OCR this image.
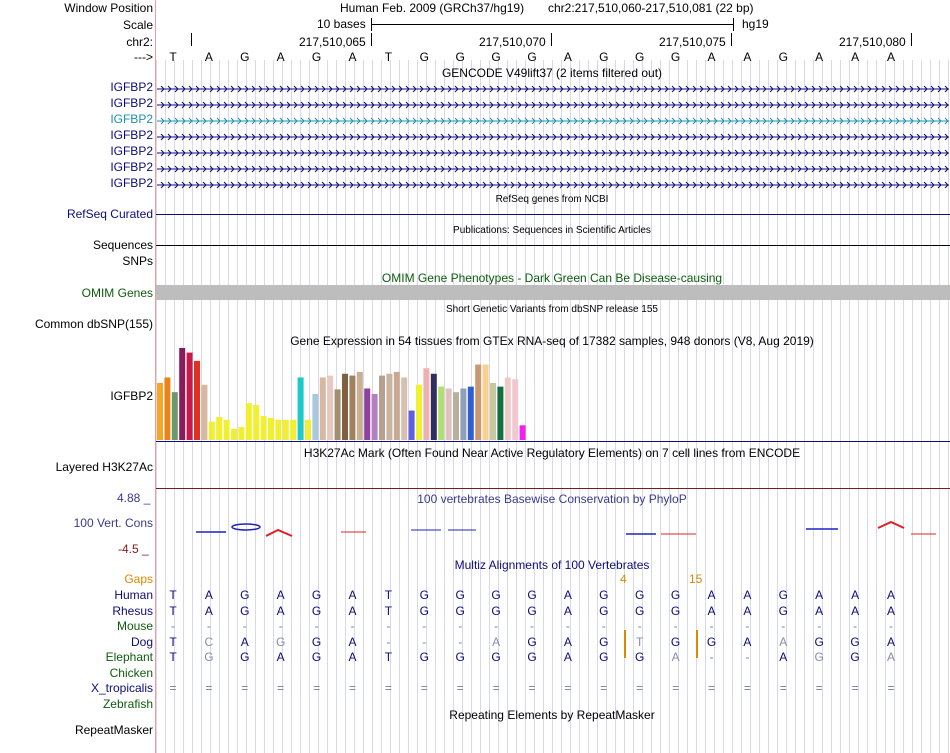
Window Position	Human Feb. 2009 (GRCh37/hg19) chr2:217,510,060-217,510,081 (22 bp)
Scale	10 bases	hg19
chr2:	217,510,065	217,510,070	217,510,075	217,510,080
--->
GENCODE V49lift37 (2 items filtered out)
RefSeq genes from NCBI
RefSeq Curated
Publications: Sequences in Scientific Articles
Sequences
SNPs
OMIM Gene Phenotypes - Dark Green Can Be Disease-causing
OMIM Genes
Short Genetic Variants from dbSNP release 155
Common dbSNP(155)
Gene Expression in 54 tissues from GTEx RNA-seq of 17382 samples, 948 donors (V8, Aug 2019)
IGFBP2
H3K27Ac Mark (Often Found Near Active Regulatory Elements) on 7 cell lines from ENCODE
Layered H3K27Ac
4.88 _	100 vertebrates Basewise Conservation by PhyloP
100 Vert. Cons
-4.5 _
Multiz Alignments of 100 Vertebrates
Gaps	4	15
Repeating Elements by RepeatMasker
RepeatMasker
T A G A G A T G G G G A G G G A A G A A A
IGFBP2
IGFBP2
IGFBP2
IGFBP2
IGFBP2
IGFBP2
IGFBP2
Human T A G A G A T G G G G A G G G A A G A A A
Rhesus T A G A G A T G G G G A G G G A A G A A A
Mouse -	-	-	-	-	-	-	-	-	-	-	-	-	-	-	-	-	-	-	-	-
Dog T C A G G A -	-	- A G A G T G G A A G G A
Elephant T G G A G A T G G G G A G G A -	- A G G A
Chicken
X_tropicalis = = = = = = = = = = = = = = = = = = = = =
Zebrafish
